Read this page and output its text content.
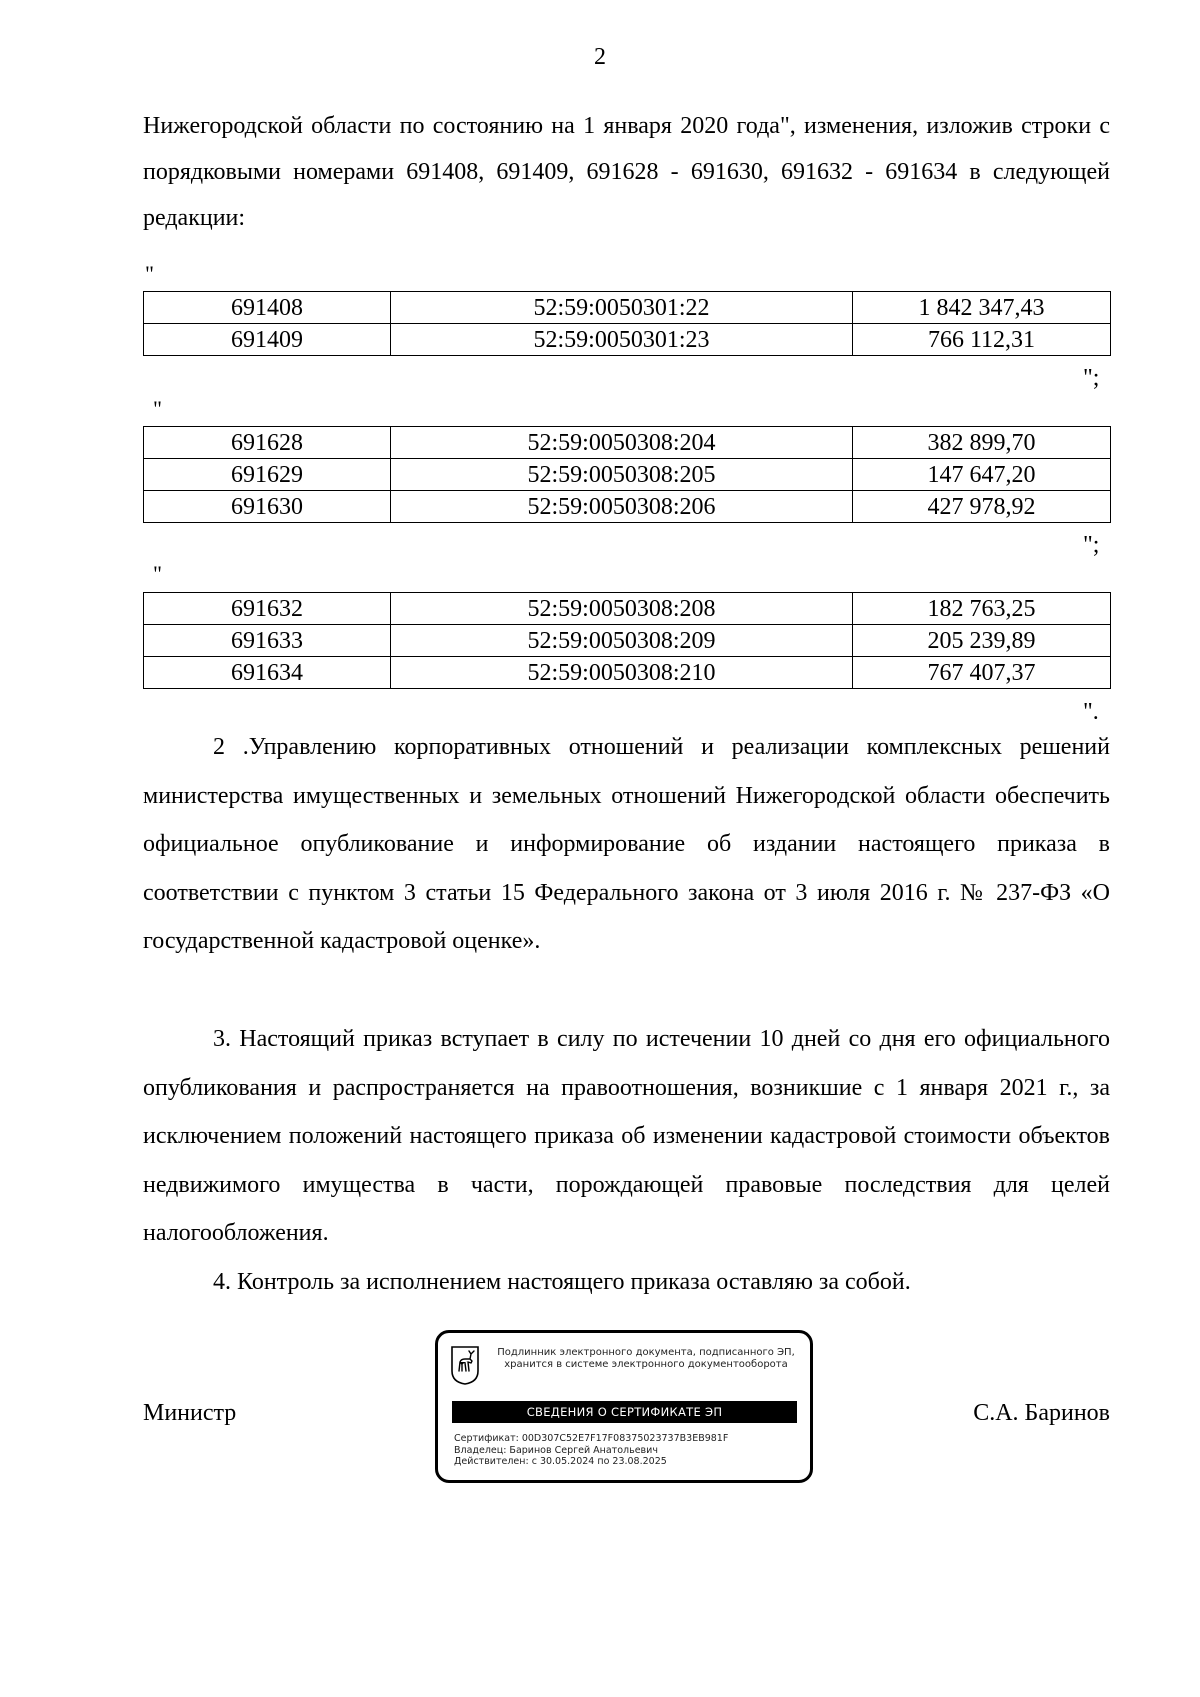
2
Нижегородской области по состоянию на 1 января 2020 года", изменения, изложив строки с порядковыми номерами 691408, 691409, 691628 - 691630, 691632 - 691634 в следующей редакции:
"
691408	52:59:0050301:22	1 842 347,43
691409	52:59:0050301:23	766 112,31
";
"
691628	52:59:0050308:204	382 899,70
691629	52:59:0050308:205	147 647,20
691630	52:59:0050308:206	427 978,92
";
"
691632	52:59:0050308:208	182 763,25
691633	52:59:0050308:209	205 239,89
691634	52:59:0050308:210	767 407,37
".
2 .Управлению корпоративных отношений и реализации комплексных решений министерства имущественных и земельных отношений Нижегородской области обеспечить официальное опубликование и информирование об издании настоящего приказа в соответствии с пунктом 3 статьи 15 Федерального закона от 3 июля 2016 г. № 237-ФЗ «О государственной кадастровой оценке».
3. Настоящий приказ вступает в силу по истечении 10 дней со дня его официального опубликования и распространяется на правоотношения, возникшие с 1 января 2021 г., за исключением положений настоящего приказа об изменении кадастровой стоимости объектов недвижимого имущества в части, порождающей правовые последствия для целей налогообложения.
4. Контроль за исполнением настоящего приказа оставляю за собой.
Министр	С.А. Баринов
Подлинник электронного документа, подписанного ЭП,
хранится в системе электронного документооборота
СВЕДЕНИЯ О СЕРТИФИКАТЕ ЭП
Сертификат: 00D307C52E7F17F08375023737B3EB981F
Владелец: Баринов Сергей Анатольевич
Действителен: с 30.05.2024 по 23.08.2025
